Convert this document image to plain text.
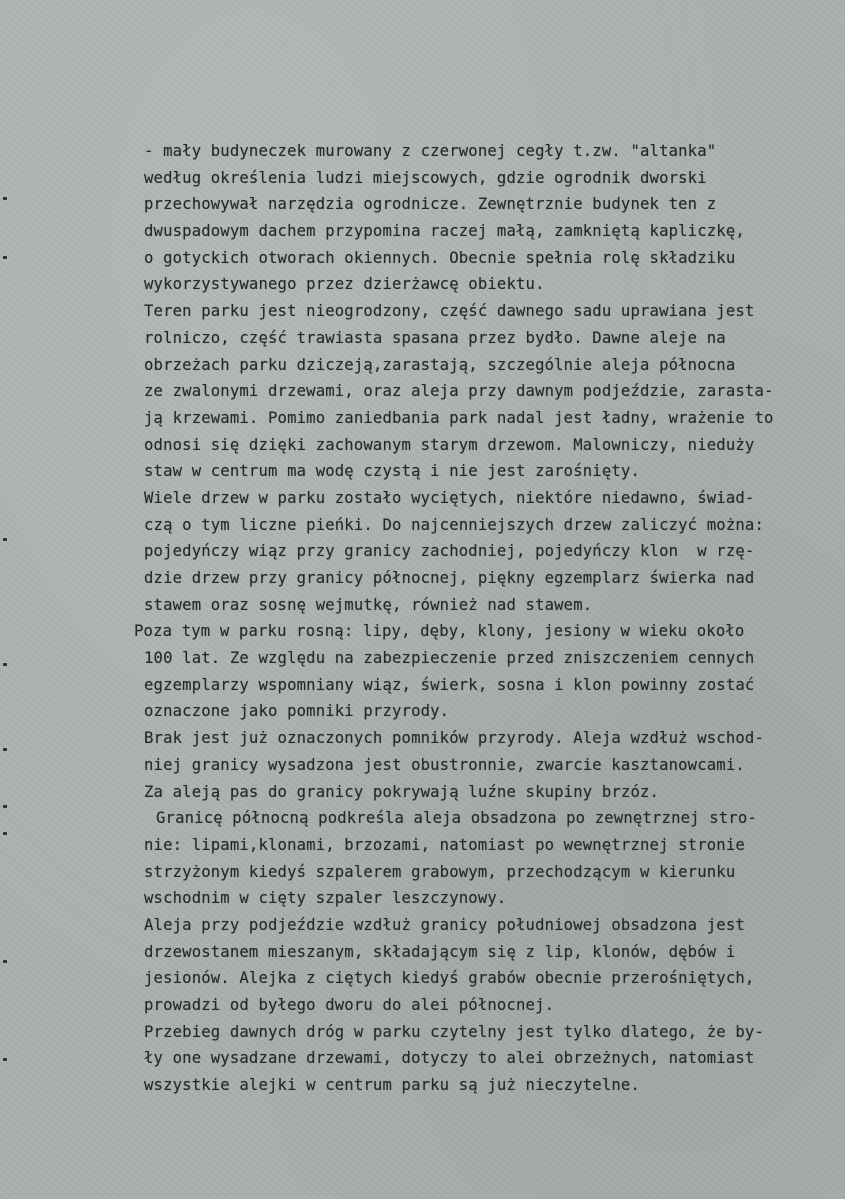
- mały budyneczek murowany z czerwonej cegły t.zw. "altanka"
według określenia ludzi miejscowych, gdzie ogrodnik dworski
przechowywał narzędzia ogrodnicze. Zewnętrznie budynek ten z
dwuspadowym dachem przypomina raczej małą, zamkniętą kapliczkę,
o gotyckich otworach okiennych. Obecnie spełnia rolę składziku
wykorzystywanego przez dzierżawcę obiektu.
Teren parku jest nieogrodzony, część dawnego sadu uprawiana jest
rolniczo, część trawiasta spasana przez bydło. Dawne aleje na
obrzeżach parku dziczeją,zarastają, szczególnie aleja północna
ze zwalonymi drzewami, oraz aleja przy dawnym podjeździe, zarasta-
ją krzewami. Pomimo zaniedbania park nadal jest ładny, wrażenie to
odnosi się dzięki zachowanym starym drzewom. Malowniczy, nieduży
staw w centrum ma wodę czystą i nie jest zarośnięty.
Wiele drzew w parku zostało wyciętych, niektóre niedawno, świad-
czą o tym liczne pieńki. Do najcenniejszych drzew zaliczyć można:
pojedyńczy wiąz przy granicy zachodniej, pojedyńczy klon  w rzę-
dzie drzew przy granicy północnej, piękny egzemplarz świerka nad
stawem oraz sosnę wejmutkę, również nad stawem.
Poza tym w parku rosną: lipy, dęby, klony, jesiony w wieku około
100 lat. Ze względu na zabezpieczenie przed zniszczeniem cennych
egzemplarzy wspomniany wiąz, świerk, sosna i klon powinny zostać
oznaczone jako pomniki przyrody.
Brak jest już oznaczonych pomników przyrody. Aleja wzdłuż wschod-
niej granicy wysadzona jest obustronnie, zwarcie kasztanowcami.
Za aleją pas do granicy pokrywają luźne skupiny brzóz.
Granicę północną podkreśla aleja obsadzona po zewnętrznej stro-
nie: lipami,klonami, brzozami, natomiast po wewnętrznej stronie
strzyżonym kiedyś szpalerem grabowym, przechodzącym w kierunku
wschodnim w cięty szpaler leszczynowy.
Aleja przy podjeździe wzdłuż granicy południowej obsadzona jest
drzewostanem mieszanym, składającym się z lip, klonów, dębów i
jesionów. Alejka z ciętych kiedyś grabów obecnie przerośniętych,
prowadzi od byłego dworu do alei północnej.
Przebieg dawnych dróg w parku czytelny jest tylko dlatego, że by-
ły one wysadzane drzewami, dotyczy to alei obrzeżnych, natomiast
wszystkie alejki w centrum parku są już nieczytelne.
